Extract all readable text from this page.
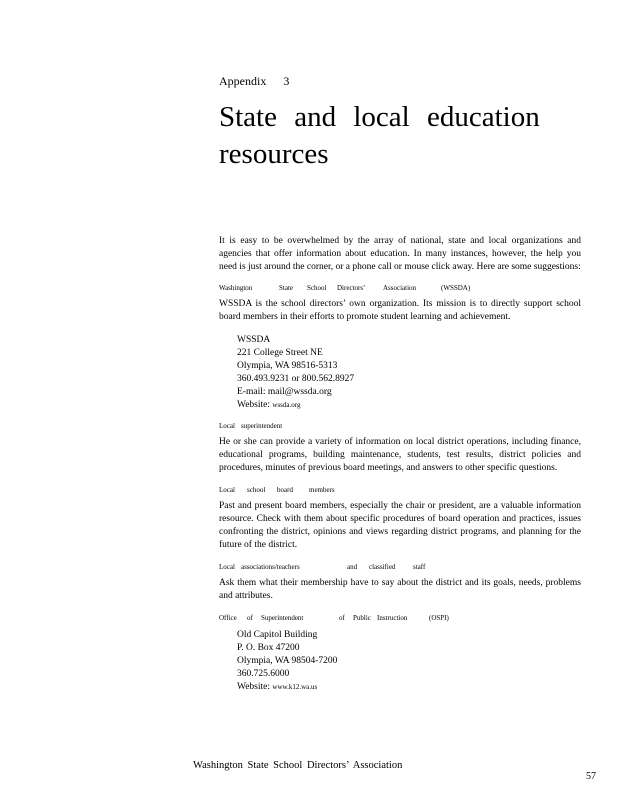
Appendix 3
State and local education resources

It is easy to be overwhelmed by the array of national, state and local organizations and agencies that offer information about education. In many instances, however, the help you need is just around the corner, or a phone call or mouse click away. Here are some suggestions:

Washington	State	School	Directors’	Association	(WSSDA)

WSSDA is the school directors’ own organization. Its mission is to directly support school board members in their efforts to promote student learning and achievement.

WSSDA
221 College Street NE
Olympia, WA 98516-5313
360.493.9231 or 800.562.8927
E-mail: mail@wssda.org
Website: wssda.org
Local superintendent

He or she can provide a variety of information on local district operations, including finance, educational programs, building maintenance, students, test results, district policies and procedures, minutes of previous board meetings, and answers to other specific questions.

Local	school	board	members

Past and present board members, especially the chair or president, are a valuable information resource. Check with them about specific procedures of board operation and practices, issues confronting the district, opinions and views regarding district programs, and planning for the future of the district.

Local associations/teachers	and	classified	staff

Ask them what their membership have to say about the district and its goals, needs, problems and attributes.

Office	of	Superintendent	of	Public Instruction	(OSPI)
Old Capitol Building
P. O. Box 47200
Olympia, WA 98504-7200
360.725.6000
Website: www.k12.wa.us
Washington State School Directors’ Association
57
